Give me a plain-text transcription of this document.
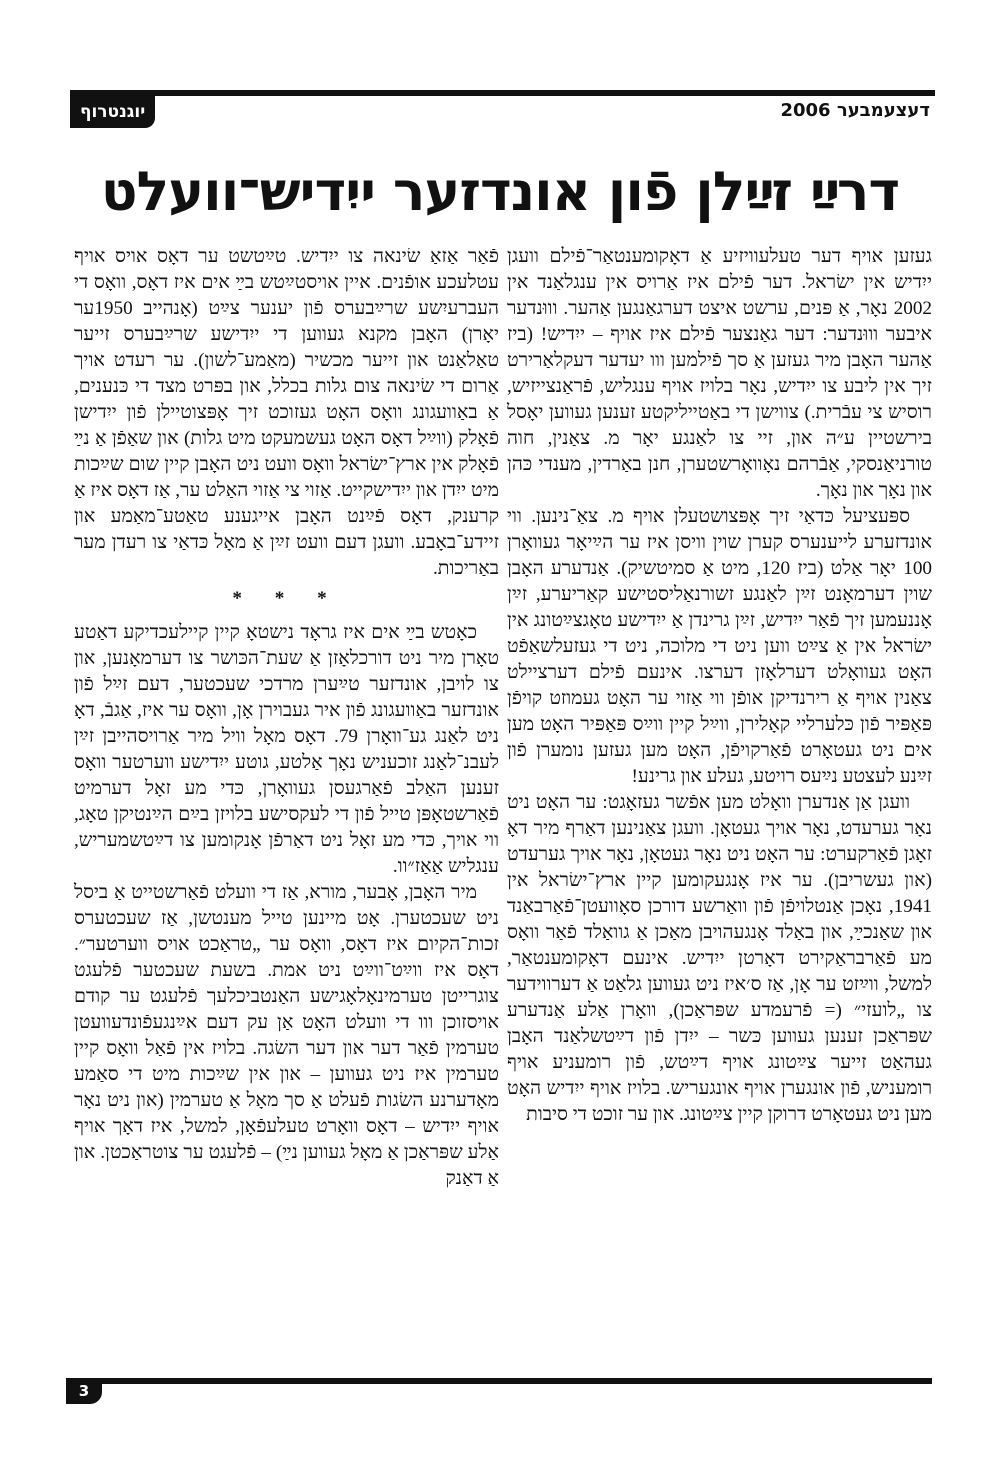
יוגנטרוף	דעצעמבער 2006
דרײַ זײַלן פֿון אונדזער ייִדיש־וועלט

געזען אויף דער טעלעוויזיע אַ דאָקומענטאַר־פֿילם וועגן ייִדיש אין ישׂראל. דער פֿילם איז אַרויס אין ענגלאַנד אין 2002 נאָר, אַ פּנים, ערשט איצט דערגאַנגען אַהער. וווּנדער איבער וווּנדער: דער גאַנצער פֿילם איז אויף – ייִדיש! (ביז אַהער האָבן מיר געזען אַ סך פֿילמען ווו יעדער דעקלאַרירט זיך אין ליבע צו ייִדיש, נאָר בלויז אויף ענגליש, פֿראַנצייזיש, רוסיש צי עבֿרית.) צווישן די באַטייליקטע זענען געווען יאָסל בירשטיין ע״ה און, זיי צו לאַנגע יאָר מ. צאַנין, חוה טורניאַנסקי, אַבֿרהם נאָוואָרשטערן, חנן באַרדין, מענדי כּהן און נאָך און נאָך.

ספּעציעל כּדאַי זיך אָפּצושטעלן אויף מ. צאַ־נינען. ווי אונדזערע לייענערס קערן שוין וויסן איז ער הײַיאָר געוואָרן 100 יאָר אַלט (ביז 120, מיט אַ סמיטשיק). אַנדערע האָבן שוין דערמאָנט זײַן לאַנגע זשורנאַליסטישע קאַריערע, זײַן אָננעמען זיך פֿאַר ייִדיש, זײַן גרינדן אַ ייִדישע טאָגצײַטונג אין ישׂראל אין אַ צײַט ווען ניט די מלוכה, ניט די געזעלשאַפֿט האָט געוואָלט דערלאָזן דערצו. אינעם פֿילם דערציילט צאַנין אויף אַ רירנדיקן אופֿן ווי אַזוי ער האָט געמוזט קויפֿן פּאַפּיר פֿון כּלערליי קאָלירן, ווײַל קיין ווײַס פּאַפּיר האָט מען אים ניט געטאָרט פֿאַרקויפֿן, האָט מען געזען נומערן פֿון זײַנע לעצטע נײַעס רויטע, געלע און גרינע!

וועגן אַן אַנדערן וואָלט מען אפֿשר געזאָגט: ער האָט ניט נאָר גערעדט, נאָר אויך געטאָן. וועגן צאַנינען דאַרף מיר דאָ זאָגן פֿאַרקערט: ער האָט ניט נאָר געטאָן, נאָר אויך גערעדט (און געשריבן). ער איז אָנגעקומען קיין ארץ־ישׂראל אין 1941, נאָכן אַנטלויפֿן פֿון וואַרשע דורכן סאָוועטן־פֿאַרבאַנד און שאַנכײַ, און באַלד אָנגעהויבן מאַכן אַ גוואַלד פֿאַר וואָס מע פֿאַרבראַקירט דאָרטן ייִדיש. אינעם דאָקומענטאַר, למשל, ווײַזט ער אָן, אַז ס׳איז ניט געווען גלאַט אַ דערווידער צו „לועזי״ (= פֿרעמדע שפּראַכן), וואָרן אַלע אַנדערע שפּראַכן זענען געווען כּשר – ייִדן פֿון דײַטשלאַנד האָבן געהאַט זייער צײַטונג אויף דײַטש, פֿון רומעניע אויף רומעניש, פֿון אונגערן אויף אונגעריש. בלויז אויף ייִדיש האָט מען ניט געטאָרט דרוקן קיין צײַטונג. און ער זוכט די סיבות

פֿאַר אַזאַ שׂינאה צו ייִדיש. טײַטשט ער דאָס אויס אויף עטלעכע אופֿנים. איין אויסטײַטש בײַ אים איז דאָס, וואָס די העברעיִשע שרײַבערס פֿון יענער צײַט (אָנהייב 1950ער יאָרן) האָבן מקנא געווען די ייִדישע שרײַבערס זייער טאַלאַנט און זייער מכשיר (מאַמע־לשון). ער רעדט אויך אַרום די שׂינאה צום גלות בכלל, און בפּרט מצד די כּנענים, אַ באַוועגונג וואָס האָט געזוכט זיך אָפּצוטיילן פֿון ייִדישן פֿאָלק (ווײַל דאָס האָט געשמעקט מיט גלות) און שאַפֿן אַ נײַ פֿאָלק אין ארץ־ישׂראל וואָס וועט ניט האָבן קיין שום שײַכות מיט ייִדן און ייִדישקייט. אַזוי צי אַזוי האַלט ער, אַז דאָס איז אַ קרענק, דאָס פֿײַנט האָבן אייגענע טאַטע־מאַמע און זיידע־באָבע. וועגן דעם וועט זײַן אַ מאָל כּדאַי צו רעדן מער באַריכות.

* * *

כאָטש בײַ אים איז גראָד נישטאָ קיין קיילעכדיקע דאַטע טאָרן מיר ניט דורכלאָזן אַ שעת־הכּושר צו דערמאָנען, און צו לויבן, אונדזער טײַערן מרדכי שעכטער, דעם זײַל פֿון אונדזער באַוועגונג פֿון איר געבוירן אָן, וואָס ער איז, אַגבֿ, דאָ ניט לאַנג גע־וואָרן 79. דאָס מאָל וויל מיר אַרויסהייבן זײַן לעבנ־לאַנג זוכעניש נאָך אַלטע, גוטע ייִדישע ווערטער וואָס זענען האַלב פֿאַרגעסן געוואָרן, כּדי מע זאָל דערמיט פֿאַרשטאָפּן טייל פֿון די לעקסישע בלויזן בײַם הײַנטיקן טאָג, ווי אויך, כּדי מע זאָל ניט דאַרפֿן אָנקומען צו דײַטשמעריש, ענגליש אַאַז״וו.

מיר האָבן, אָבער, מורא, אַז די וועלט פֿאַרשטייט אַ ביסל ניט שעכטערן. אָט מיינען טייל מענטשן, אַז שעכטערס זכות־הקיום איז דאָס, וואָס ער „טראַכט אויס ווערטער״. דאָס איז ווײַט־ווײַט ניט אמת. בשעת שעכטער פֿלעגט צוגרייטן טערמינאָלאָגישע האַנטביכלעך פֿלעגט ער קודם אויסזוכן ווו די וועלט האָט אַן עק דעם אײַנגעפֿונדעוועטן טערמין פֿאַר דער און דער השׂגה. בלויז אין פֿאַל וואָס קיין טערמין איז ניט געווען – און אין שײַכות מיט די סאַמע מאָדערנע השׂגות פֿעלט אַ סך מאָל אַ טערמין (און ניט נאָר אויף ייִדיש – דאָס וואָרט טעלעפֿאָן, למשל, איז דאָך אויף אַלע שפּראַכן אַ מאָל געווען נײַ) – פֿלעגט ער צוטראַכטן. און אַ דאַנק

3
